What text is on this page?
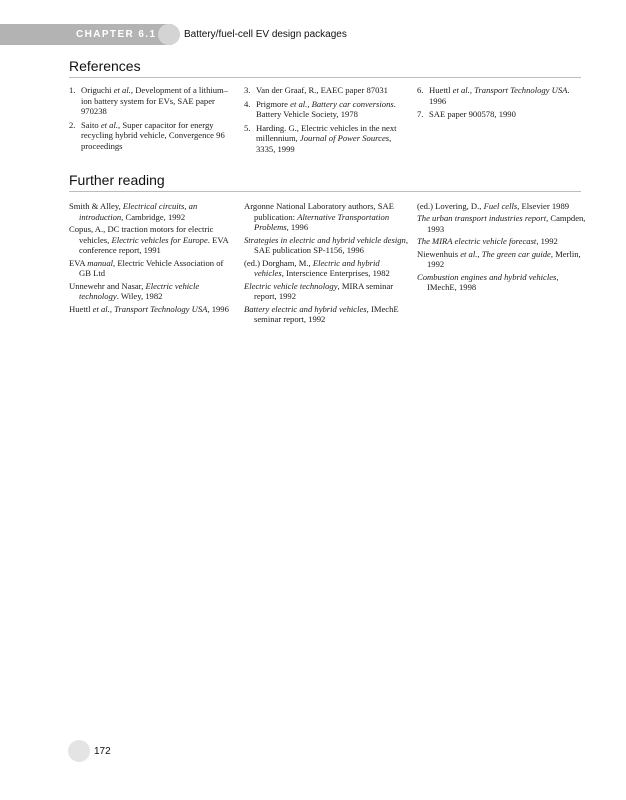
CHAPTER 6.1	Battery/fuel-cell EV design packages
References
1. Origuchi et al., Development of a lithium–ion battery system for EVs, SAE paper 970238
2. Saito et al., Super capacitor for energy recycling hybrid vehicle, Convergence 96 proceedings
3. Van der Graaf, R., EAEC paper 87031
4. Prigmore et al., Battery car conversions. Battery Vehicle Society, 1978
5. Harding. G., Electric vehicles in the next millennium, Journal of Power Sources, 3335, 1999
6. Huettl et al., Transport Technology USA. 1996
7. SAE paper 900578, 1990
Further reading
Smith & Alley, Electrical circuits, an introduction, Cambridge, 1992
Copus, A., DC traction motors for electric vehicles, Electric vehicles for Europe. EVA conference report, 1991
EVA manual, Electric Vehicle Association of GB Ltd
Unnewehr and Nasar, Electric vehicle technology. Wiley, 1982
Huettl et al., Transport Technology USA, 1996
Argonne National Laboratory authors, SAE publication: Alternative Transportation Problems, 1996
Strategies in electric and hybrid vehicle design, SAE publication SP-1156, 1996
(ed.) Dorgham, M., Electric and hybrid vehicles, Interscience Enterprises, 1982
Electric vehicle technology, MIRA seminar report, 1992
Battery electric and hybrid vehicles, IMechE seminar report, 1992
(ed.) Lovering, D., Fuel cells, Elsevier 1989
The urban transport industries report, Campden, 1993
The MIRA electric vehicle forecast, 1992
Niewenhuis et al., The green car guide, Merlin, 1992
Combustion engines and hybrid vehicles, IMechE, 1998
172
